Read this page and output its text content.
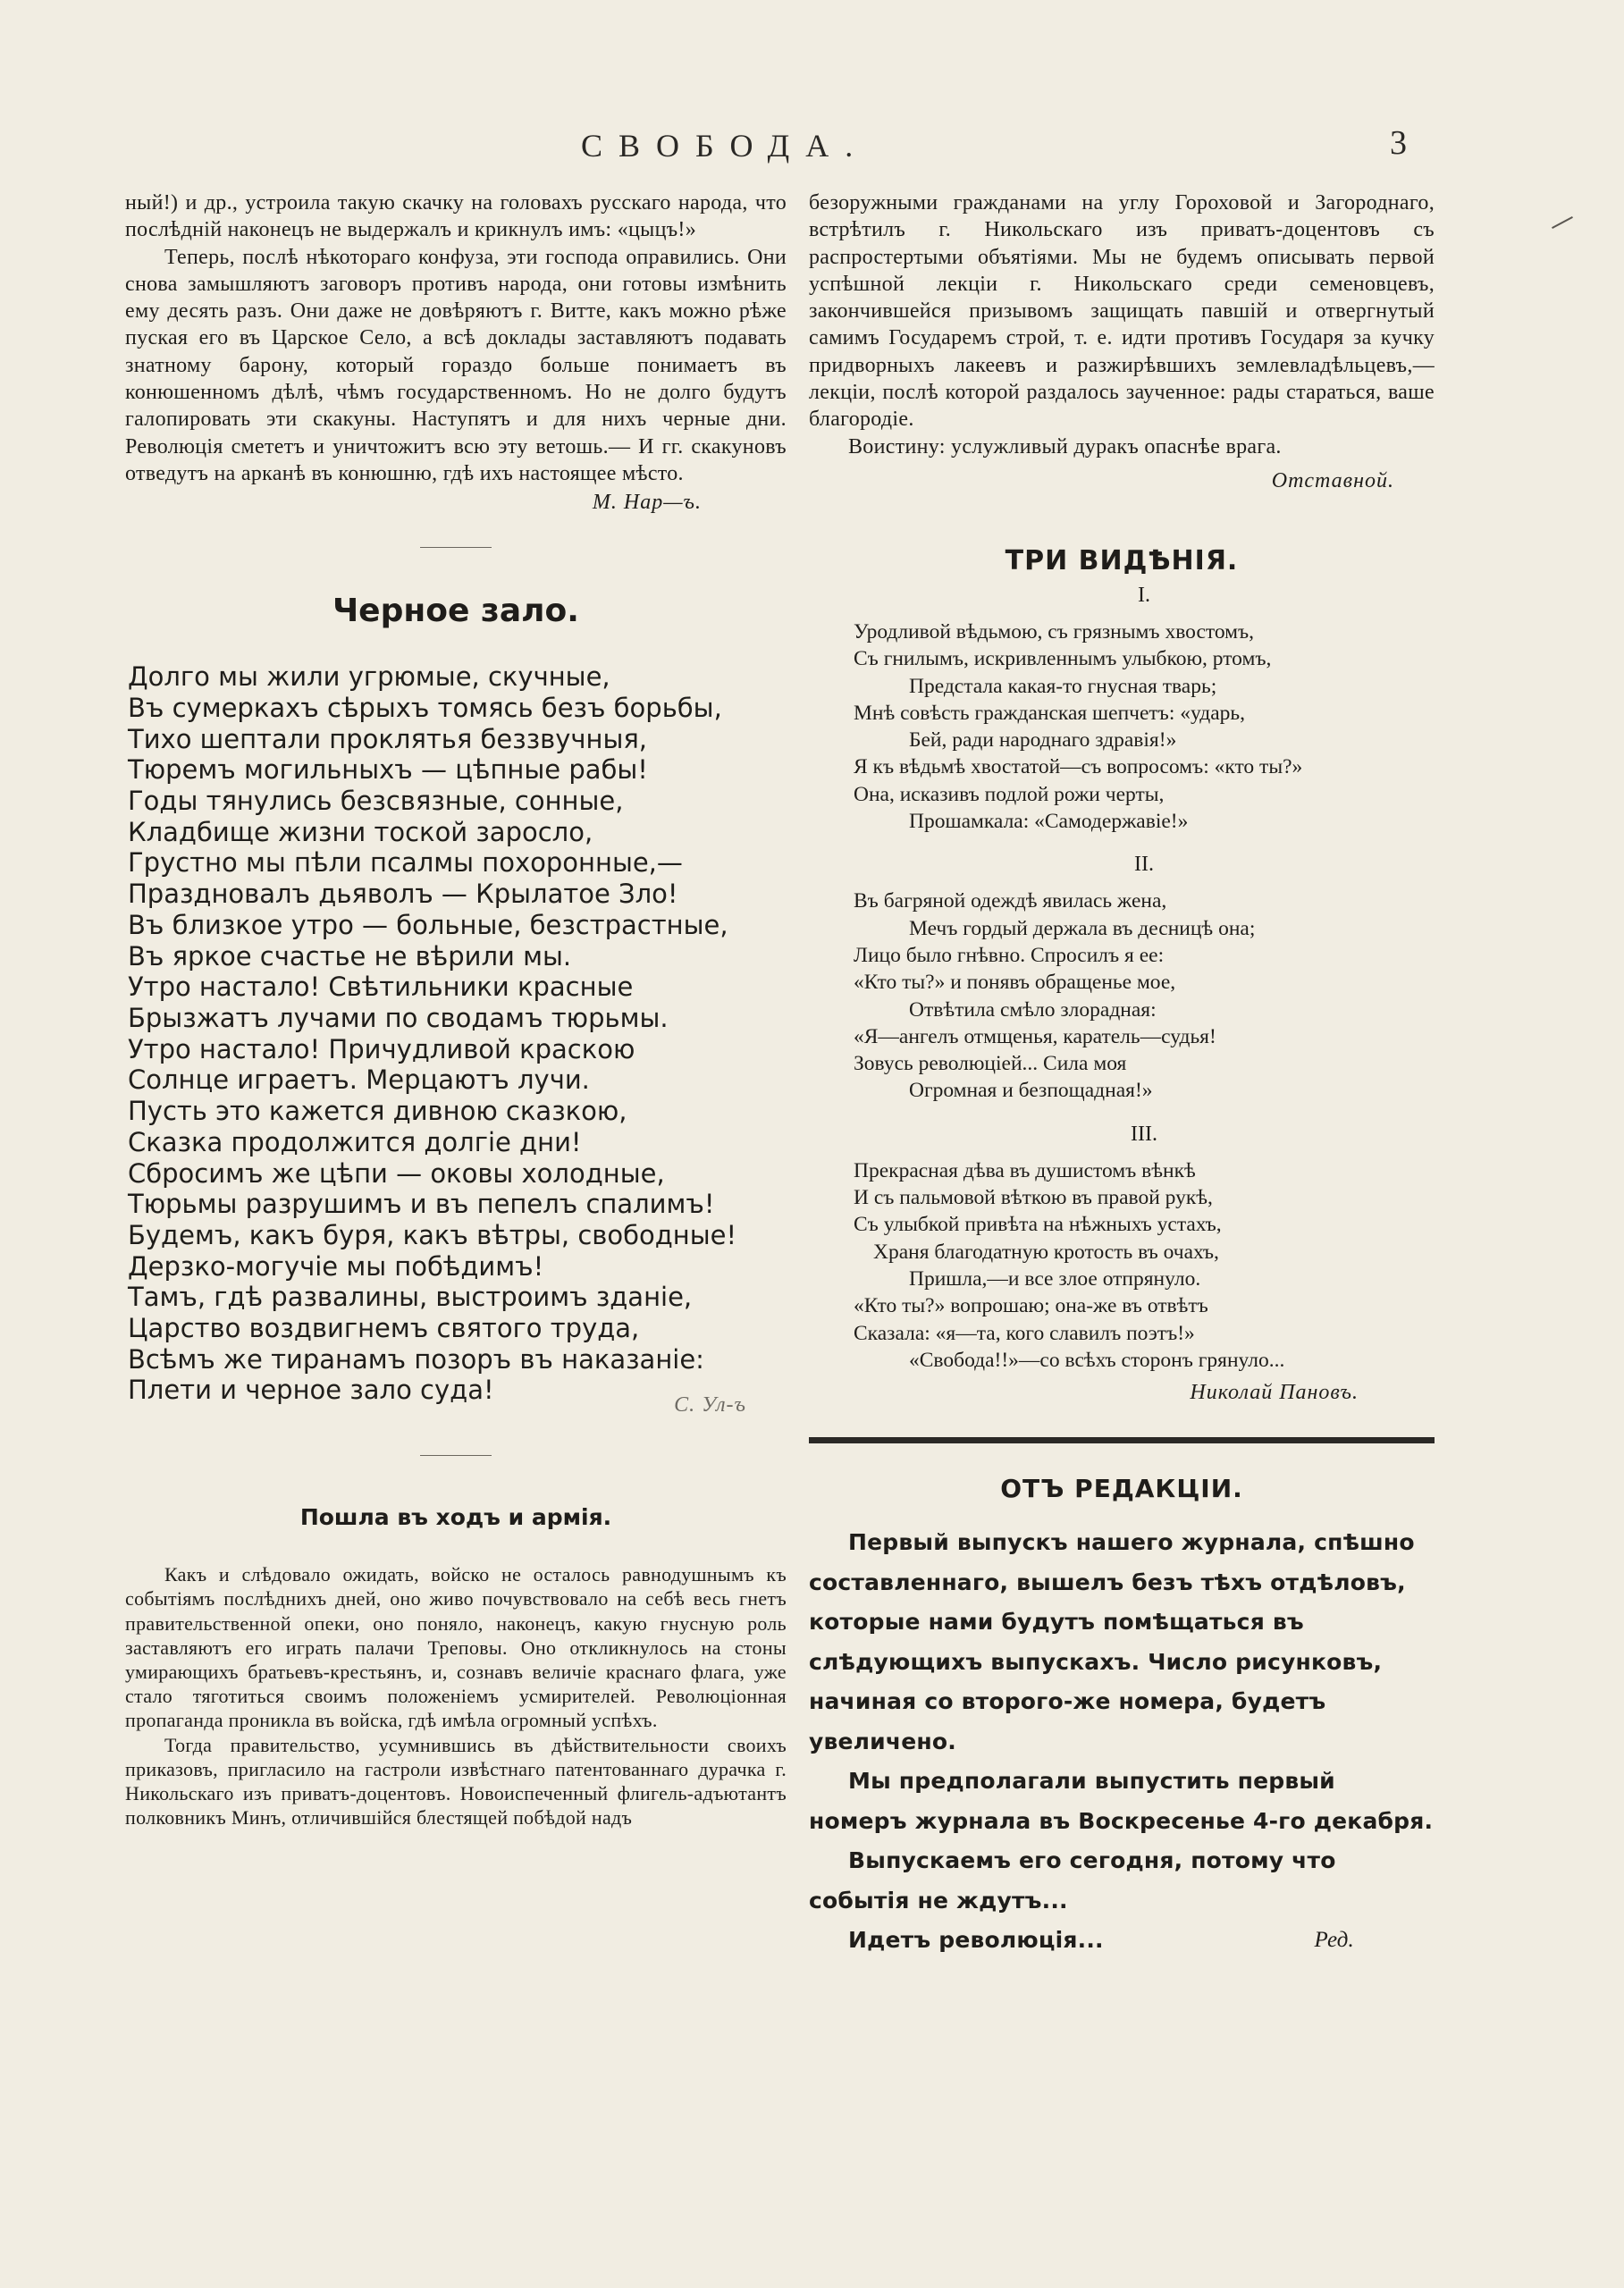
СВОБОДА.	3

ный!) и др., устроила такую скачку на головахъ русскаго народа, что послѣдній наконецъ не выдержалъ и крикнулъ имъ: «цыцъ!»

Теперь, послѣ нѣкотораго конфуза, эти господа оправились. Они снова замышляютъ заговоръ противъ народа, они готовы измѣнить ему десять разъ. Они даже не довѣряютъ г. Витте, какъ можно рѣже пуская его въ Царское Село, а всѣ доклады заставляютъ подавать знатному барону, который гораздо больше понимаетъ въ конюшенномъ дѣлѣ, чѣмъ государственномъ. Но не долго будутъ галопировать эти скакуны. Наступятъ и для нихъ черные дни. Революція смететъ и уничтожитъ всю эту ветошь.— И гг. скакуновъ отведутъ на арканѣ въ конюшню, гдѣ ихъ настоящее мѣсто.

М. Нар—ъ.

Черное зало.
Долго мы жили угрюмые, скучные,
Въ сумеркахъ сѣрыхъ томясь безъ борьбы,
Тихо шептали проклятья беззвучныя,
Тюремъ могильныхъ — цѣпные рабы!
Годы тянулись безсвязные, сонные,
Кладбище жизни тоской заросло,
Грустно мы пѣли псалмы похоронные,—
Праздновалъ дьяволъ — Крылатое Зло!
Въ близкое утро — больные, безстрастные,
Въ яркое счастье не вѣрили мы.
Утро настало! Свѣтильники красные
Брызжатъ лучами по сводамъ тюрьмы.
Утро настало! Причудливой краскою
Солнце играетъ. Мерцаютъ лучи.
Пусть это кажется дивною сказкою,
Сказка продолжится долгіе дни!
Сбросимъ же цѣпи — оковы холодные,
Тюрьмы разрушимъ и въ пепелъ спалимъ!
Будемъ, какъ буря, какъ вѣтры, свободные!
Дерзко-могучіе мы побѣдимъ!
Тамъ, гдѣ развалины, выстроимъ зданіе,
Царство воздвигнемъ святого труда,
Всѣмъ же тиранамъ позоръ въ наказаніе:
Плети и черное зало суда!	С. Ул-ъ

Пошла въ ходъ и армія.

Какъ и слѣдовало ожидать, войско не осталось равнодушнымъ къ событіямъ послѣднихъ дней, оно живо почувствовало на себѣ весь гнетъ правительственной опеки, оно поняло, наконецъ, какую гнусную роль заставляютъ его играть палачи Треповы. Оно откликнулось на стоны умирающихъ братьевъ-крестьянъ, и, сознавъ величіе краснаго флага, уже стало тяготиться своимъ положеніемъ усмирителей. Революціонная пропаганда проникла въ войска, гдѣ имѣла огромный успѣхъ.

Тогда правительство, усумнившись въ дѣйствительности своихъ приказовъ, пригласило на гастроли извѣстнаго патентованнаго дурачка г. Никольскаго изъ приватъ-доцентовъ. Новоиспеченный флигель-адъютантъ полковникъ Минъ, отличившійся блестящей побѣдой надъ

безоружными гражданами на углу Гороховой и Загороднаго, встрѣтилъ г. Никольскаго изъ приватъ-доцентовъ съ распростертыми объятіями. Мы не будемъ описывать первой успѣшной лекціи г. Никольскаго среди семеновцевъ, закончившейся призывомъ защищать павшій и отвергнутый самимъ Государемъ строй, т. е. идти противъ Государя за кучку придворныхъ лакеевъ и разжирѣвшихъ землевладѣльцевъ,—лекціи, послѣ которой раздалось заученное: рады стараться, ваше благородіе.

Воистину: услужливый дуракъ опаснѣе врага.

Отставной.

ТРИ ВИДѢНІЯ.

I.

Уродливой вѣдьмою, съ грязнымъ хвостомъ,
Съ гнилымъ, искривленнымъ улыбкою, ртомъ,
Предстала какая-то гнусная тварь;
Мнѣ совѣсть гражданская шепчетъ: «ударь,
Бей, ради народнаго здравія!»
Я къ вѣдьмѣ хвостатой—съ вопросомъ: «кто ты?»
Она, исказивъ подлой рожи черты,
Прошамкала: «Самодержавіе!»

II.

Въ багряной одеждѣ явилась жена,
Мечъ гордый держала въ десницѣ она;
Лицо было гнѣвно. Спросилъ я ее:
«Кто ты?» и понявъ обращенье мое,
Отвѣтила смѣло злорадная:
«Я—ангелъ отмщенья, каратель—судья!
Зовусь революціей... Сила моя
Огромная и безпощадная!»

III.

Прекрасная дѣва въ душистомъ вѣнкѣ
И съ пальмовой вѣткою въ правой рукѣ,
Съ улыбкой привѣта на нѣжныхъ устахъ,
Храня благодатную кротость въ очахъ,
Пришла,—и все злое отпрянуло.
«Кто ты?» вопрошаю; она-же въ отвѣтъ
Сказала: «я—та, кого славилъ поэтъ!»
«Свобода!!»—со всѣхъ сторонъ грянуло...

Николай Пановъ.

ОТЪ РЕДАКЦІИ.

Первый выпускъ нашего журнала, спѣшно составленнаго, вышелъ безъ тѣхъ отдѣловъ, которые нами будутъ помѣщаться въ слѣдующихъ выпускахъ. Число рисунковъ, начиная со второго-же номера, будетъ увеличено.

Мы предполагали выпустить первый номеръ журнала въ Воскресенье 4-го декабря.

Выпускаемъ его сегодня, потому что событія не ждутъ...

Идетъ революція...	Ред.
